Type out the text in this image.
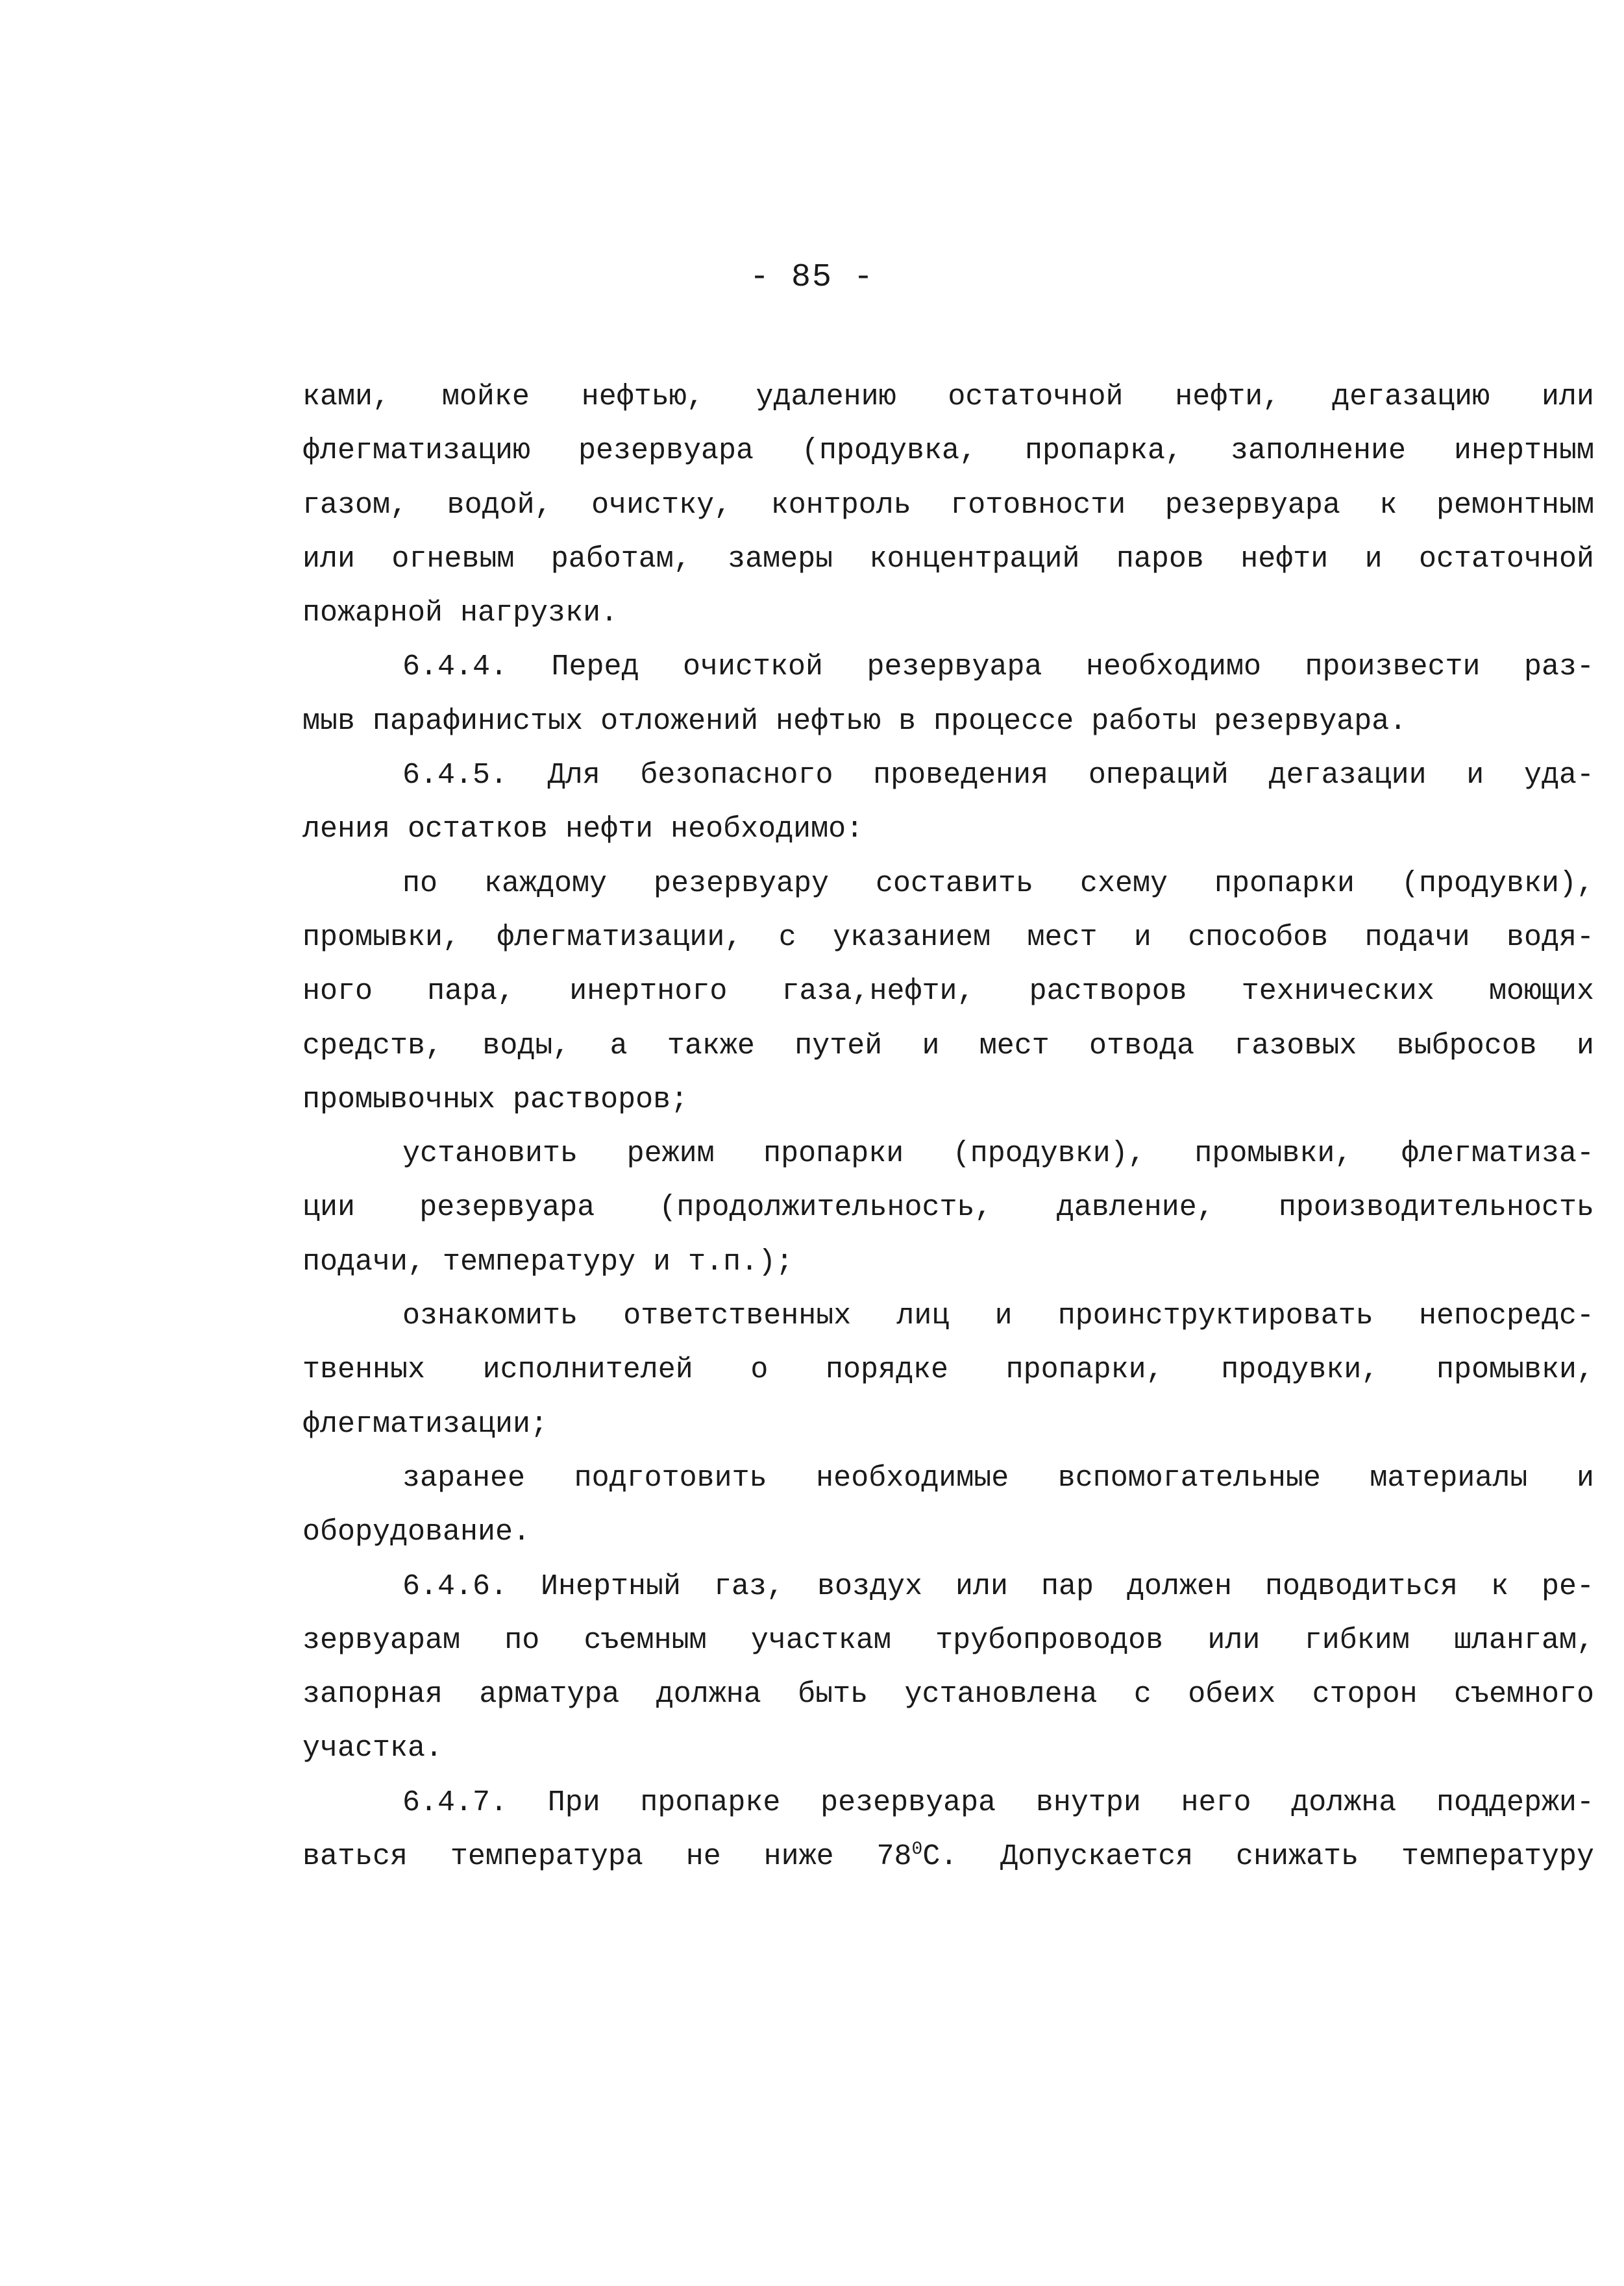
- 85 -
ками, мойке нефтью, удалению остаточной нефти, дегазацию или
флегматизацию резервуара (продувка, пропарка, заполнение инертным
газом, водой, очистку, контроль готовности резервуара к ремонтным
или огневым работам, замеры концентраций паров нефти и остаточной
пожарной нагрузки.
6.4.4. Перед очисткой резервуара необходимо произвести раз-
мыв парафинистых отложений нефтью в процессе работы резервуара.
6.4.5. Для безопасного проведения операций дегазации и уда-
ления остатков нефти необходимо:
по каждому резервуару составить схему пропарки (продувки),
промывки, флегматизации, с указанием мест и способов подачи водя-
ного пара, инертного газа,нефти, растворов технических моющих
средств, воды, а также путей и мест отвода газовых выбросов и
промывочных растворов;
установить режим пропарки (продувки), промывки, флегматиза-
ции резервуара (продолжительность, давление, производительность
подачи, температуру и т.п.);
ознакомить ответственных лиц и проинструктировать непосредс-
твенных исполнителей о порядке пропарки, продувки, промывки,
флегматизации;
заранее подготовить необходимые вспомогательные материалы и
оборудование.
6.4.6. Инертный газ, воздух или пар должен подводиться к ре-
зервуарам по съемным участкам трубопроводов или гибким шлангам,
запорная арматура должна быть установлена с обеих сторон съемного
участка.
6.4.7. При пропарке резервуара внутри него должна поддержи-
ваться температура не ниже $78^0С$. Допускается снижать температуру
